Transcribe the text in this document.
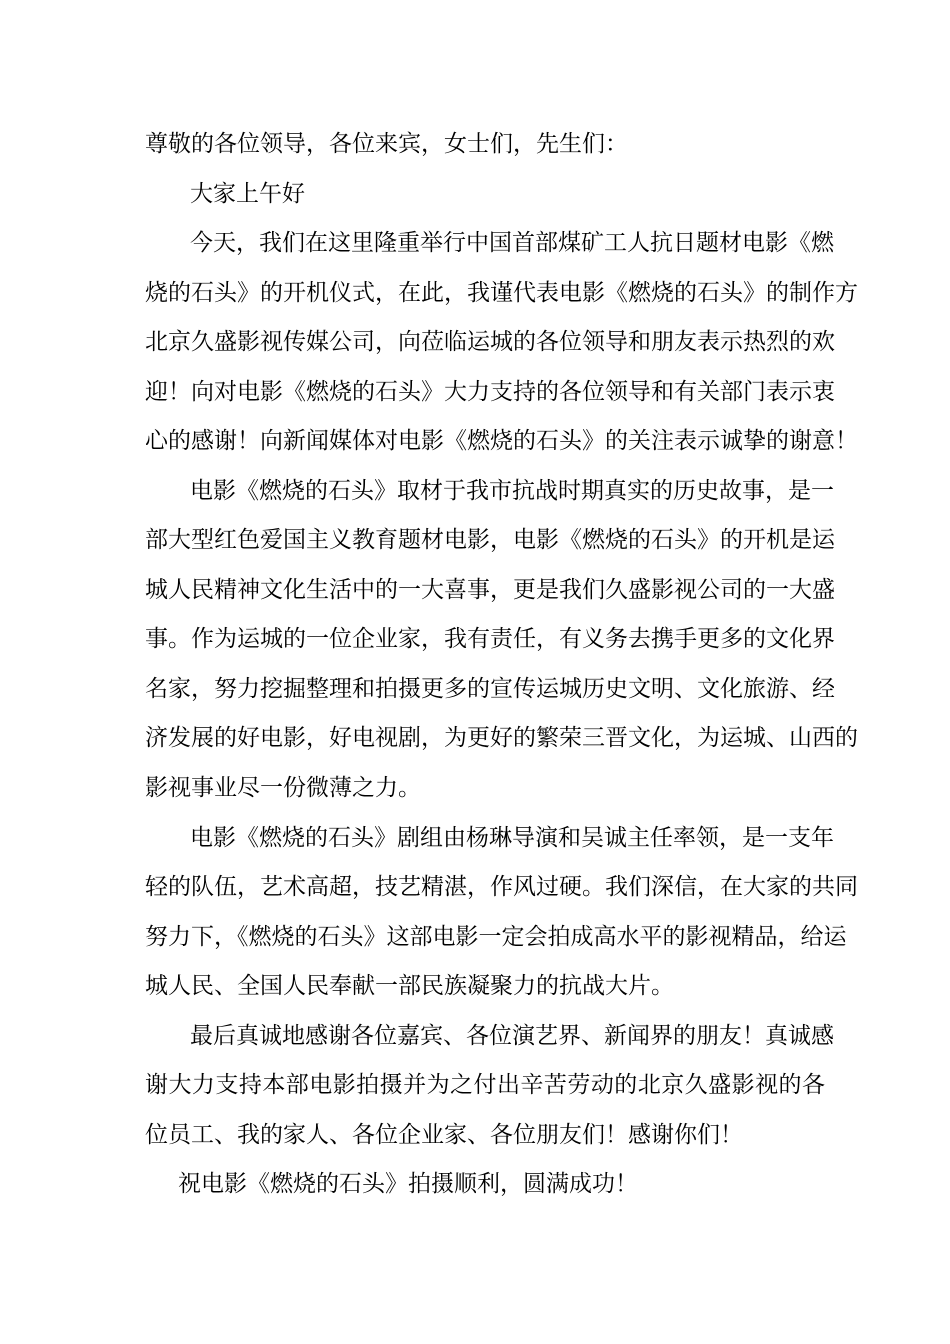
尊敬的各位领导，各位来宾，女士们，先生们：
大家上午好
今天，我们在这里隆重举行中国首部煤矿工人抗日题材电影《燃
烧的石头》的开机仪式，在此，我谨代表电影《燃烧的石头》的制作方
北京久盛影视传媒公司，向莅临运城的各位领导和朋友表示热烈的欢
迎！向对电影《燃烧的石头》大力支持的各位领导和有关部门表示衷
心的感谢！向新闻媒体对电影《燃烧的石头》的关注表示诚挚的谢意！
电影《燃烧的石头》取材于我市抗战时期真实的历史故事，是一
部大型红色爱国主义教育题材电影，电影《燃烧的石头》的开机是运
城人民精神文化生活中的一大喜事，更是我们久盛影视公司的一大盛
事。作为运城的一位企业家，我有责任，有义务去携手更多的文化界
名家，努力挖掘整理和拍摄更多的宣传运城历史文明、文化旅游、经
济发展的好电影，好电视剧，为更好的繁荣三晋文化，为运城、山西的
影视事业尽一份微薄之力。
电影《燃烧的石头》剧组由杨琳导演和吴诚主任率领，是一支年
轻的队伍，艺术高超，技艺精湛，作风过硬。我们深信，在大家的共同
努力下，《燃烧的石头》这部电影一定会拍成高水平的影视精品，给运
城人民、全国人民奉献一部民族凝聚力的抗战大片。
最后真诚地感谢各位嘉宾、各位演艺界、新闻界的朋友！真诚感
谢大力支持本部电影拍摄并为之付出辛苦劳动的北京久盛影视的各
位员工、我的家人、各位企业家、各位朋友们！感谢你们！
祝电影《燃烧的石头》拍摄顺利，圆满成功！
